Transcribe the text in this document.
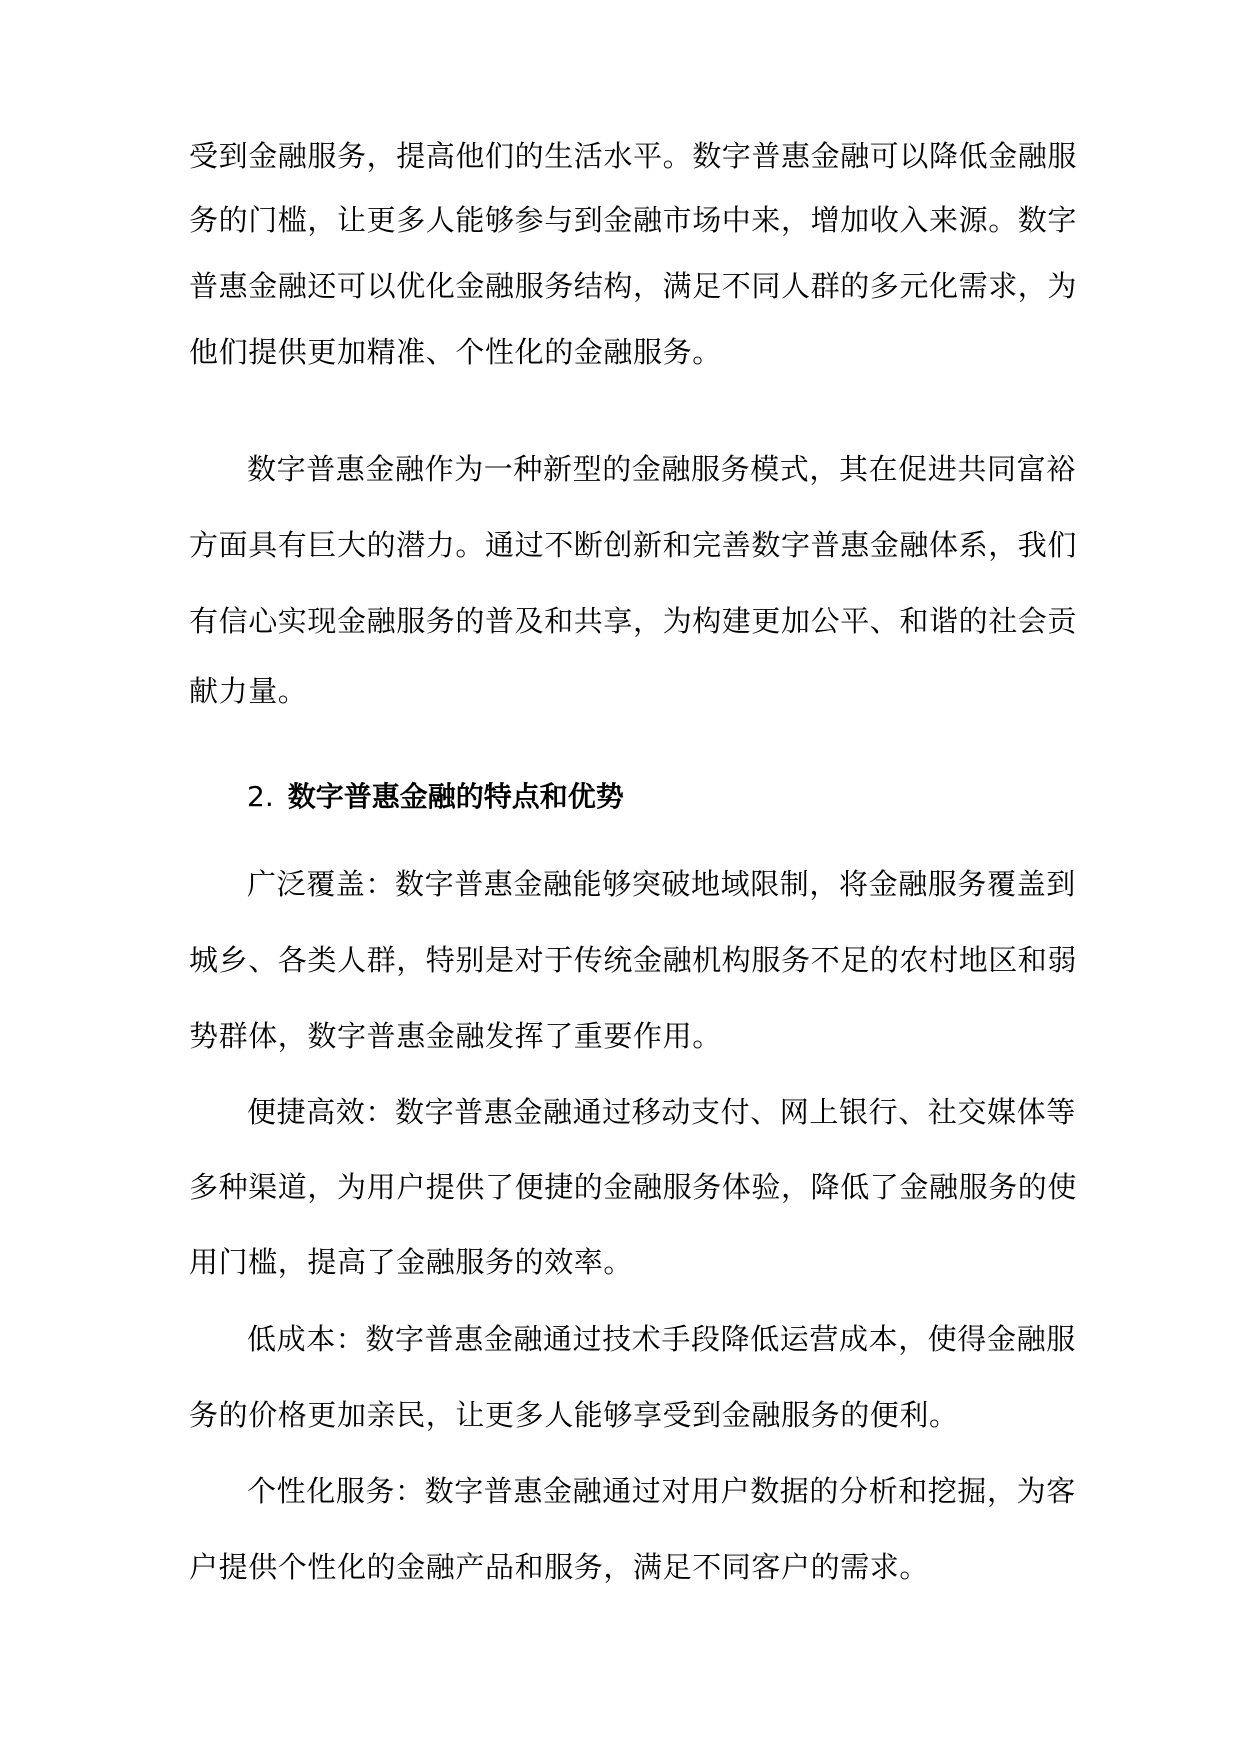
受到金融服务，提高他们的生活水平。数字普惠金融可以降低金融服
务的门槛，让更多人能够参与到金融市场中来，增加收入来源。数字
普惠金融还可以优化金融服务结构，满足不同人群的多元化需求，为
他们提供更加精准、个性化的金融服务。
数字普惠金融作为一种新型的金融服务模式，其在促进共同富裕
方面具有巨大的潜力。通过不断创新和完善数字普惠金融体系，我们
有信心实现金融服务的普及和共享，为构建更加公平、和谐的社会贡
献力量。
2. 数字普惠金融的特点和优势
广泛覆盖：数字普惠金融能够突破地域限制，将金融服务覆盖到
城乡、各类人群，特别是对于传统金融机构服务不足的农村地区和弱
势群体，数字普惠金融发挥了重要作用。
便捷高效：数字普惠金融通过移动支付、网上银行、社交媒体等
多种渠道，为用户提供了便捷的金融服务体验，降低了金融服务的使
用门槛，提高了金融服务的效率。
低成本：数字普惠金融通过技术手段降低运营成本，使得金融服
务的价格更加亲民，让更多人能够享受到金融服务的便利。
个性化服务：数字普惠金融通过对用户数据的分析和挖掘，为客
户提供个性化的金融产品和服务，满足不同客户的需求。
